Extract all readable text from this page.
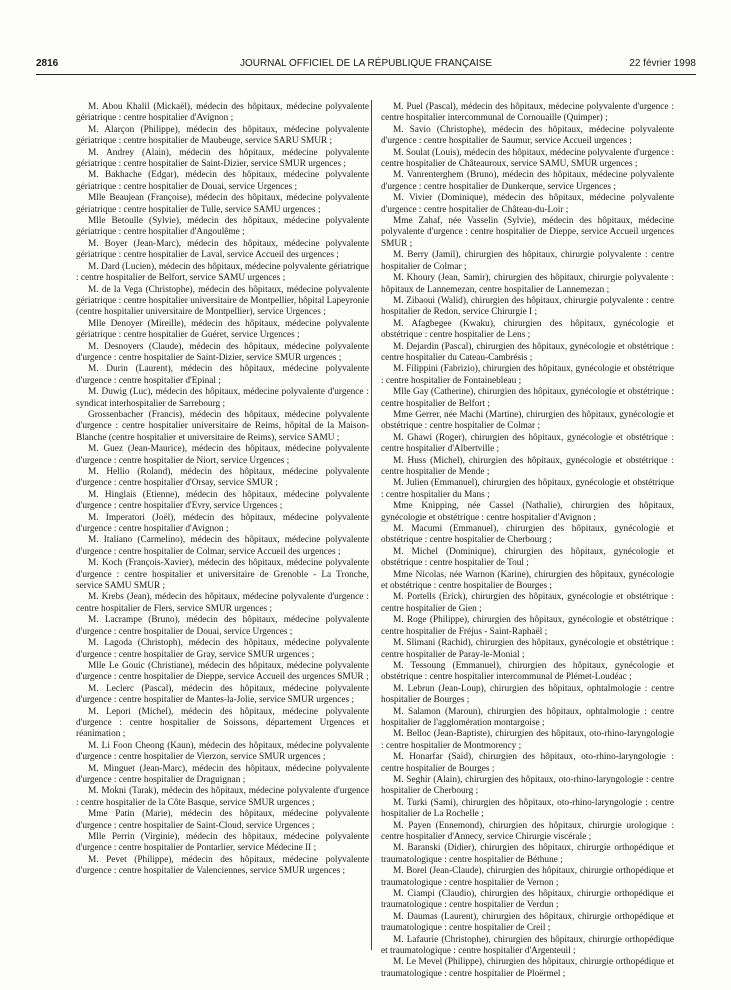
2816	JOURNAL OFFICIEL DE LA RÉPUBLIQUE FRANÇAISE	22 février 1998

M. Abou Khalil (Mickaël), médecin des hôpitaux, médecine polyvalente gériatrique : centre hospitalier d'Avignon ;

M. Alarçon (Philippe), médecin des hôpitaux, médecine polyvalente gériatrique : centre hospitalier de Maubeuge, service SARU SMUR ;

M. Andrey (Alain), médecin des hôpitaux, médecine polyvalente gériatrique : centre hospitalier de Saint-Dizier, service SMUR urgences ;

M. Bakhache (Edgar), médecin des hôpitaux, médecine polyvalente gériatrique : centre hospitalier de Douai, service Urgences ;

Mlle Beaujean (Françoise), médecin des hôpitaux, médecine polyvalente gériatrique : centre hospitalier de Tulle, service SAMU urgences ;

Mlle Betoulle (Sylvie), médecin des hôpitaux, médecine polyvalente gériatrique : centre hospitalier d'Angoulême ;

M. Boyer (Jean-Marc), médecin des hôpitaux, médecine polyvalente gériatrique : centre hospitalier de Laval, service Accueil des urgences ;

M. Dard (Lucien), médecin des hôpitaux, médecine polyvalente gériatrique : centre hospitalier de Belfort, service SAMU urgences ;

M. de la Vega (Christophe), médecin des hôpitaux, médecine polyvalente gériatrique : centre hospitalier universitaire de Montpellier, hôpital Lapeyronie (centre hospitalier universitaire de Montpellier), service Urgences ;

Mlle Denoyer (Mireille), médecin des hôpitaux, médecine polyvalente gériatrique : centre hospitalier de Guéret, service Urgences ;

M. Desnoyers (Claude), médecin des hôpitaux, médecine polyvalente d'urgence : centre hospitalier de Saint-Dizier, service SMUR urgences ;

M. Durin (Laurent), médecin des hôpitaux, médecine polyvalente d'urgence : centre hospitalier d'Epinal ;

M. Duwig (Luc), médecin des hôpitaux, médecine polyvalente d'urgence : syndicat interhospitalier de Sarrebourg ;

Grossenbacher (Francis), médecin des hôpitaux, médecine polyvalente d'urgence : centre hospitalier universitaire de Reims, hôpital de la Maison-Blanche (centre hospitalier et universitaire de Reims), service SAMU ;

M. Guez (Jean-Maurice), médecin des hôpitaux, médecine polyvalente d'urgence : centre hospitalier de Niort, service Urgences ;

M. Hellio (Roland), médecin des hôpitaux, médecine polyvalente d'urgence : centre hospitalier d'Orsay, service SMUR ;

M. Hinglais (Etienne), médecin des hôpitaux, médecine polyvalente d'urgence : centre hospitalier d'Evry, service Urgences ;

M. Imperatori (Joël), médecin des hôpitaux, médecine polyvalente d'urgence : centre hospitalier d'Avignon ;

M. Italiano (Carmelino), médecin des hôpitaux, médecine polyvalente d'urgence : centre hospitalier de Colmar, service Accueil des urgences ;

M. Koch (François-Xavier), médecin des hôpitaux, médecine polyvalente d'urgence : centre hospitalier et universitaire de Grenoble - La Tronche, service SAMU SMUR ;

M. Krebs (Jean), médecin des hôpitaux, médecine polyvalente d'urgence : centre hospitalier de Flers, service SMUR urgences ;

M. Lacrampe (Bruno), médecin des hôpitaux, médecine polyvalente d'urgence : centre hospitalier de Douai, service Urgences ;

M. Lagoda (Christoph), médecin des hôpitaux, médecine polyvalente d'urgence : centre hospitalier de Gray, service SMUR urgences ;

Mlle Le Gouic (Christiane), médecin des hôpitaux, médecine polyvalente d'urgence : centre hospitalier de Dieppe, service Accueil des urgences SMUR ;

M. Leclerc (Pascal), médecin des hôpitaux, médecine polyvalente d'urgence : centre hospitalier de Mantes-la-Jolie, service SMUR urgences ;

M. Lepori (Michel), médecin des hôpitaux, médecine polyvalente d'urgence : centre hospitalier de Soissons, département Urgences et réanimation ;

M. Li Foon Cheong (Kaun), médecin des hôpitaux, médecine polyvalente d'urgence : centre hospitalier de Vierzon, service SMUR urgences ;

M. Minguet (Jean-Marc), médecin des hôpitaux, médecine polyvalente d'urgence : centre hospitalier de Draguignan ;

M. Mokni (Tarak), médecin des hôpitaux, médecine polyvalente d'urgence : centre hospitalier de la Côte Basque, service SMUR urgences ;

Mme Patin (Marie), médecin des hôpitaux, médecine polyvalente d'urgence : centre hospitalier de Saint-Cloud, service Urgences ;

Mlle Perrin (Virginie), médecin des hôpitaux, médecine polyvalente d'urgence : centre hospitalier de Pontarlier, service Médecine II ;

M. Pevet (Philippe), médecin des hôpitaux, médecine polyvalente d'urgence : centre hospitalier de Valenciennes, service SMUR urgences ;

M. Puel (Pascal), médecin des hôpitaux, médecine polyvalente d'urgence : centre hospitalier intercommunal de Cornouaille (Quimper) ;

M. Savio (Christophe), médecin des hôpitaux, médecine polyvalente d'urgence : centre hospitalier de Saumur, service Accueil urgences ;

M. Soulat (Louis), médecin des hôpitaux, médecine polyvalente d'urgence : centre hospitalier de Châteauroux, service SAMU, SMUR urgences ;

M. Vanrenterghem (Bruno), médecin des hôpitaux, médecine polyvalente d'urgence : centre hospitalier de Dunkerque, service Urgences ;

M. Vivier (Dominique), médecin des hôpitaux, médecine polyvalente d'urgence : centre hospitalier de Château-du-Loir ;

Mme Zahaf, née Vasselin (Sylvie), médecin des hôpitaux, médecine polyvalente d'urgence : centre hospitalier de Dieppe, service Accueil urgences SMUR ;

M. Berry (Jamil), chirurgien des hôpitaux, chirurgie polyvalente : centre hospitalier de Colmar ;

M. Khoury (Jean, Samir), chirurgien des hôpitaux, chirurgie polyvalente : hôpitaux de Lannemezan, centre hospitalier de Lannemezan ;

M. Zibaoui (Walid), chirurgien des hôpitaux, chirurgie polyvalente : centre hospitalier de Redon, service Chirurgie I ;

M. Afagbegee (Kwaku), chirurgien des hôpitaux, gynécologie et obstétrique : centre hospitalier de Lens ;

M. Dejardin (Pascal), chirurgien des hôpitaux, gynécologie et obstétrique : centre hospitalier du Cateau-Cambrésis ;

M. Filippini (Fabrizio), chirurgien des hôpitaux, gynécologie et obstétrique : centre hospitalier de Fontainebleau ;

Mlle Gay (Catherine), chirurgien des hôpitaux, gynécologie et obstétrique : centre hospitalier de Belfort ;

Mme Gerrer, née Machi (Martine), chirurgien des hôpitaux, gynécologie et obstétrique : centre hospitalier de Colmar ;

M. Ghawi (Roger), chirurgien des hôpitaux, gynécologie et obstétrique : centre hospitalier d'Albertville ;

M. Huss (Michel), chirurgien des hôpitaux, gynécologie et obstétrique : centre hospitalier de Mende ;

M. Julien (Emmanuel), chirurgien des hôpitaux, gynécologie et obstétrique : centre hospitalier du Mans ;

Mme Knipping, née Cassel (Nathalie), chirurgien des hôpitaux, gynécologie et obstétrique : centre hospitalier d'Avignon ;

M. Macumi (Emmanuel), chirurgien des hôpitaux, gynécologie et obstétrique : centre hospitalier de Cherbourg ;

M. Michel (Dominique), chirurgien des hôpitaux, gynécologie et obstétrique : centre hospitalier de Toul ;

Mme Nicolas, née Warnon (Karine), chirurgien des hôpitaux, gynécologie et obstétrique : centre hospitalier de Bourges ;

M. Portells (Erick), chirurgien des hôpitaux, gynécologie et obstétrique : centre hospitalier de Gien ;

M. Roge (Philippe), chirurgien des hôpitaux, gynécologie et obstétrique : centre hospitalier de Fréjus - Saint-Raphaël ;

M. Slimani (Rachid), chirurgien des hôpitaux, gynécologie et obstétrique : centre hospitalier de Paray-le-Monial ;

M. Tessoung (Emmanuel), chirurgien des hôpitaux, gynécologie et obstétrique : centre hospitalier intercommunal de Plémet-Loudéac ;

M. Lebrun (Jean-Loup), chirurgien des hôpitaux, ophtalmologie : centre hospitalier de Bourges ;

M. Salamon (Maroun), chirurgien des hôpitaux, ophtalmologie : centre hospitalier de l'agglomération montargoise ;

M. Belloc (Jean-Baptiste), chirurgien des hôpitaux, oto-rhino-laryngologie : centre hospitalier de Montmorency ;

M. Honarfar (Saïd), chirurgien des hôpitaux, oto-rhino-laryngologie : centre hospitalier de Bourges ;

M. Seghir (Alain), chirurgien des hôpitaux, oto-rhino-laryngologie : centre hospitalier de Cherbourg ;

M. Turki (Sami), chirurgien des hôpitaux, oto-rhino-laryngologie : centre hospitalier de La Rochelle ;

M. Payen (Ennemond), chirurgien des hôpitaux, chirurgie urologique : centre hospitalier d'Annecy, service Chirurgie viscérale ;

M. Baranski (Didier), chirurgien des hôpitaux, chirurgie orthopédique et traumatologique : centre hospitalier de Béthune ;

M. Borel (Jean-Claude), chirurgien des hôpitaux, chirurgie orthopédique et traumatologique : centre hospitalier de Vernon ;

M. Ciampi (Claudio), chirurgien des hôpitaux, chirurgie orthopédique et traumatologique : centre hospitalier de Verdun ;

M. Daumas (Laurent), chirurgien des hôpitaux, chirurgie orthopédique et traumatologique : centre hospitalier de Creil ;

M. Lafaurie (Christophe), chirurgien des hôpitaux, chirurgie orthopédique et traumatologique : centre hospitalier d'Argenteuil ;

M. Le Mevel (Philippe), chirurgien des hôpitaux, chirurgie orthopédique et traumatologique : centre hospitalier de Ploërmel ;
